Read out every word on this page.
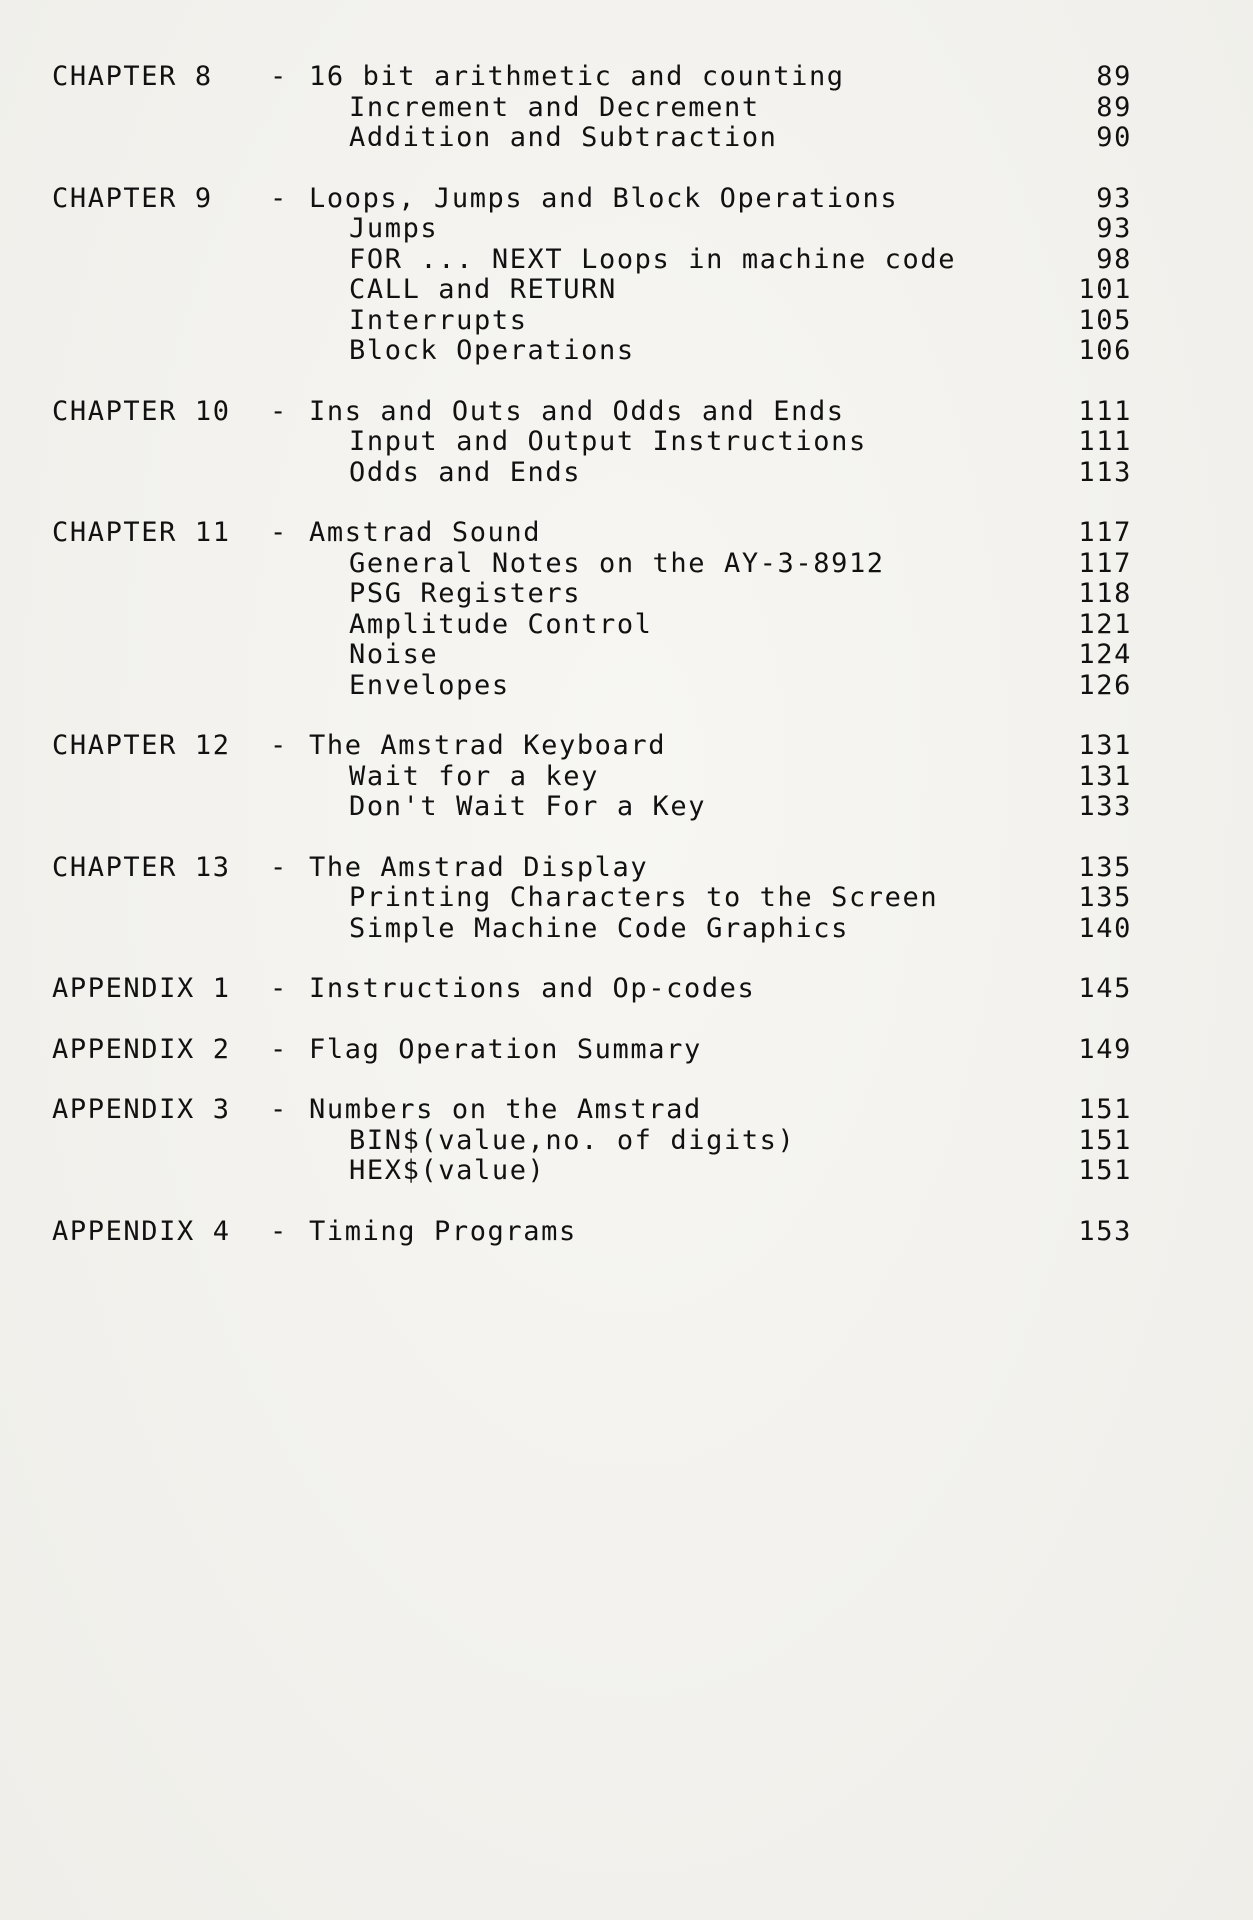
CHAPTER 8	- 16 bit arithmetic and counting	89
Increment and Decrement	89
Addition and Subtraction	90
CHAPTER 9	- Loops, Jumps and Block Operations	93
Jumps	93
FOR ... NEXT Loops in machine code	98
CALL and RETURN	101
Interrupts	105
Block Operations	106
CHAPTER 10	- Ins and Outs and Odds and Ends	111
Input and Output Instructions	111
Odds and Ends	113
CHAPTER 11	- Amstrad Sound	117
General Notes on the AY-3-8912	117
PSG Registers	118
Amplitude Control	121
Noise	124
Envelopes	126
CHAPTER 12	- The Amstrad Keyboard	131
Wait for a key	131
Don't Wait For a Key	133
CHAPTER 13	- The Amstrad Display	135
Printing Characters to the Screen	135
Simple Machine Code Graphics	140
APPENDIX 1	- Instructions and Op-codes	145
APPENDIX 2	- Flag Operation Summary	149
APPENDIX 3	- Numbers on the Amstrad	151
BIN$(value,no. of digits)	151
HEX$(value)	151
APPENDIX 4	- Timing Programs	153
